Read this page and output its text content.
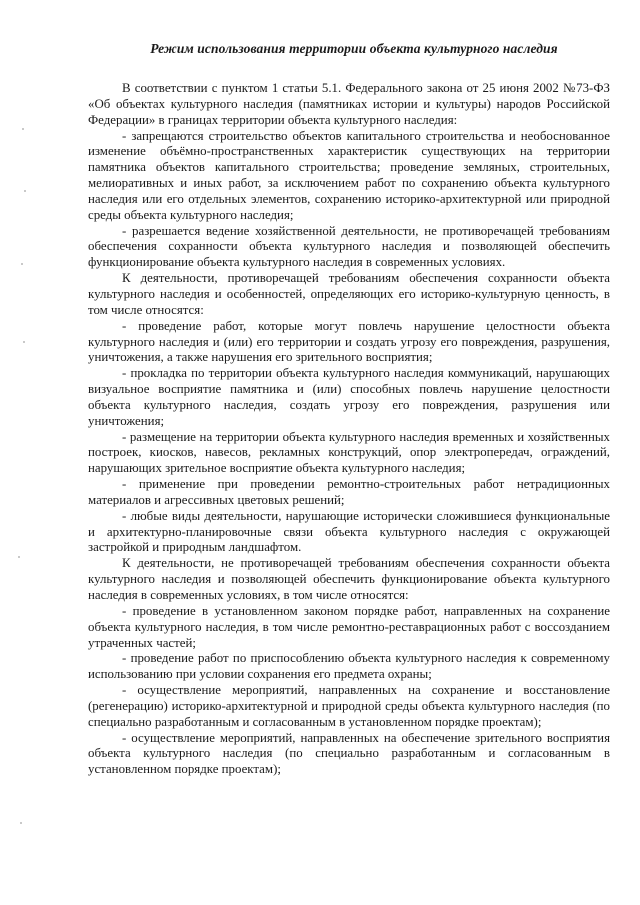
Режим использования территории объекта культурного наследия

В соответствии с пунктом 1 статьи 5.1. Федерального закона от 25 июня 2002 №73-ФЗ «Об объектах культурного наследия (памятниках истории и культуры) народов Российской Федерации» в границах территории объекта культурного наследия:

- запрещаются строительство объектов капитального строительства и необоснованное изменение объёмно-пространственных характеристик существующих на территории памятника объектов капитального строительства; проведение земляных, строительных, мелиоративных и иных работ, за исключением работ по сохранению объекта культурного наследия или его отдельных элементов, сохранению историко-архитектурной или природной среды объекта культурного наследия;

- разрешается ведение хозяйственной деятельности, не противоречащей требованиям обеспечения сохранности объекта культурного наследия и позволяющей обеспечить функционирование объекта культурного наследия в современных условиях.

К деятельности, противоречащей требованиям обеспечения сохранности объекта культурного наследия и особенностей, определяющих его историко-культурную ценность, в том числе относятся:

- проведение работ, которые могут повлечь нарушение целостности объекта культурного наследия и (или) его территории и создать угрозу его повреждения, разрушения, уничтожения, а также нарушения его зрительного восприятия;

- прокладка по территории объекта культурного наследия коммуникаций, нарушающих визуальное восприятие памятника и (или) способных повлечь нарушение целостности объекта культурного наследия, создать угрозу его повреждения, разрушения или уничтожения;

- размещение на территории объекта культурного наследия временных и хозяйственных построек, киосков, навесов, рекламных конструкций, опор электропередач, ограждений, нарушающих зрительное восприятие объекта культурного наследия;

- применение при проведении ремонтно-строительных работ нетрадиционных материалов и агрессивных цветовых решений;

- любые виды деятельности, нарушающие исторически сложившиеся функциональные и архитектурно-планировочные связи объекта культурного наследия с окружающей застройкой и природным ландшафтом.

К деятельности, не противоречащей требованиям обеспечения сохранности объекта культурного наследия и позволяющей обеспечить функционирование объекта культурного наследия в современных условиях, в том числе относятся:

- проведение в установленном законом порядке работ, направленных на сохранение объекта культурного наследия, в том числе ремонтно-реставрационных работ с воссозданием утраченных частей;

- проведение работ по приспособлению объекта культурного наследия к современному использованию при условии сохранения его предмета охраны;

- осуществление мероприятий, направленных на сохранение и восстановление (регенерацию) историко-архитектурной и природной среды объекта культурного наследия (по специально разработанным и согласованным в установленном порядке проектам);

- осуществление мероприятий, направленных на обеспечение зрительного восприятия объекта культурного наследия (по специально разработанным и согласованным в установленном порядке проектам);
